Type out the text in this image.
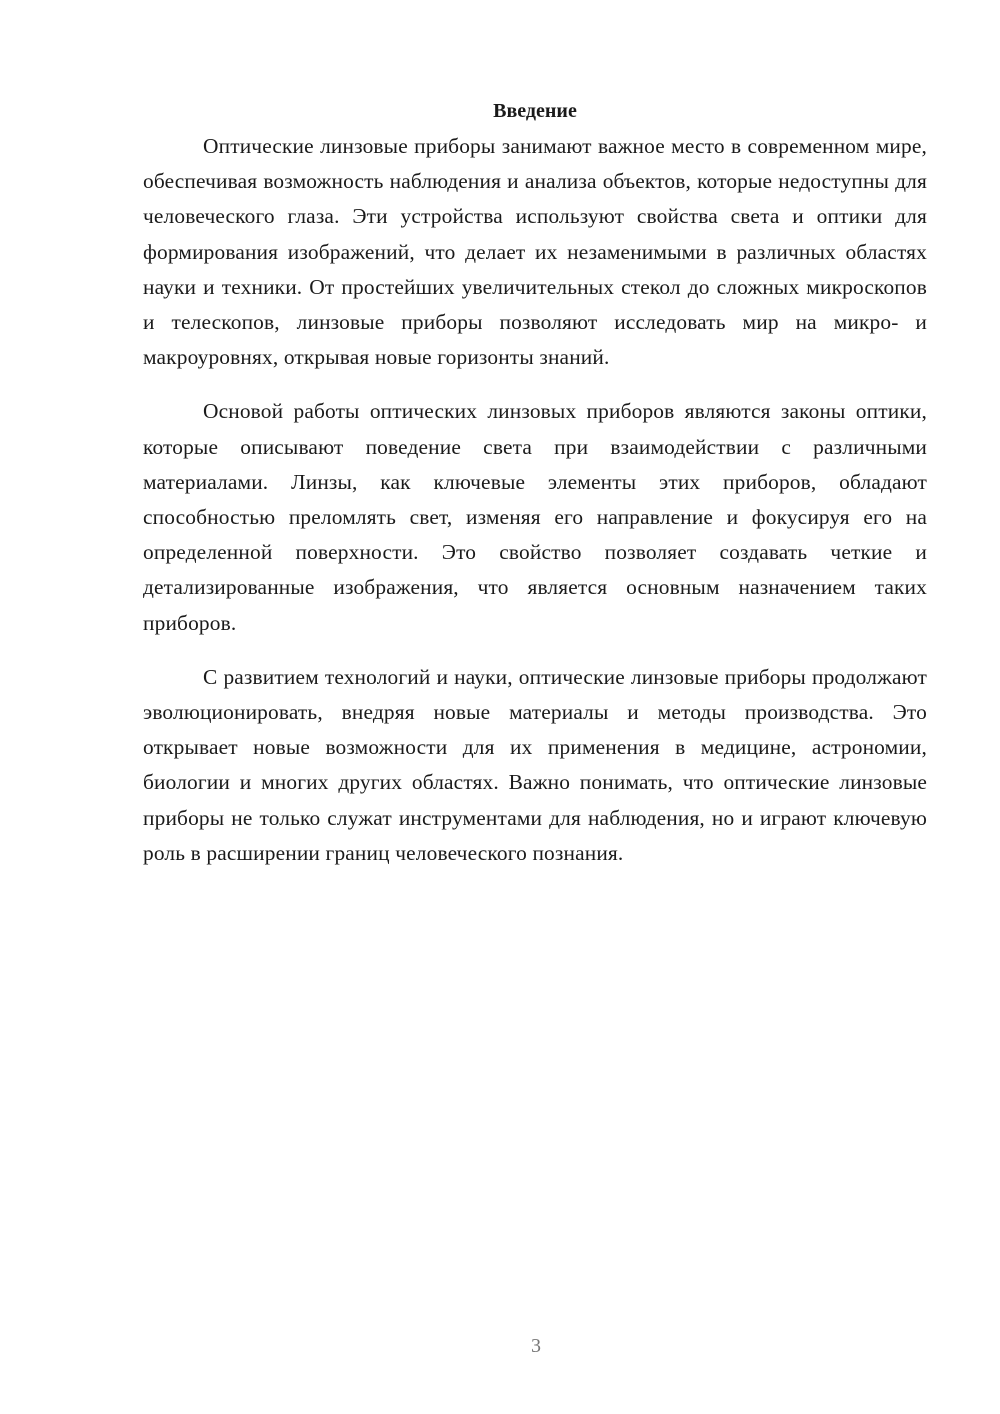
Введение

Оптические линзовые приборы занимают важное место в современном мире, обеспечивая возможность наблюдения и анализа объектов, которые недоступны для человеческого глаза. Эти устройства используют свойства света и оптики для формирования изображений, что делает их незаменимыми в различных областях науки и техники. От простейших увеличительных стекол до сложных микроскопов и телескопов, линзовые приборы позволяют исследовать мир на микро- и макроуровнях, открывая новые горизонты знаний.

Основой работы оптических линзовых приборов являются законы оптики, которые описывают поведение света при взаимодействии с различными материалами. Линзы, как ключевые элементы этих приборов, обладают способностью преломлять свет, изменяя его направление и фокусируя его на определенной поверхности. Это свойство позволяет создавать четкие и детализированные изображения, что является основным назначением таких приборов.

С развитием технологий и науки, оптические линзовые приборы продолжают эволюционировать, внедряя новые материалы и методы производства. Это открывает новые возможности для их применения в медицине, астрономии, биологии и многих других областях. Важно понимать, что оптические линзовые приборы не только служат инструментами для наблюдения, но и играют ключевую роль в расширении границ человеческого познания.

3
